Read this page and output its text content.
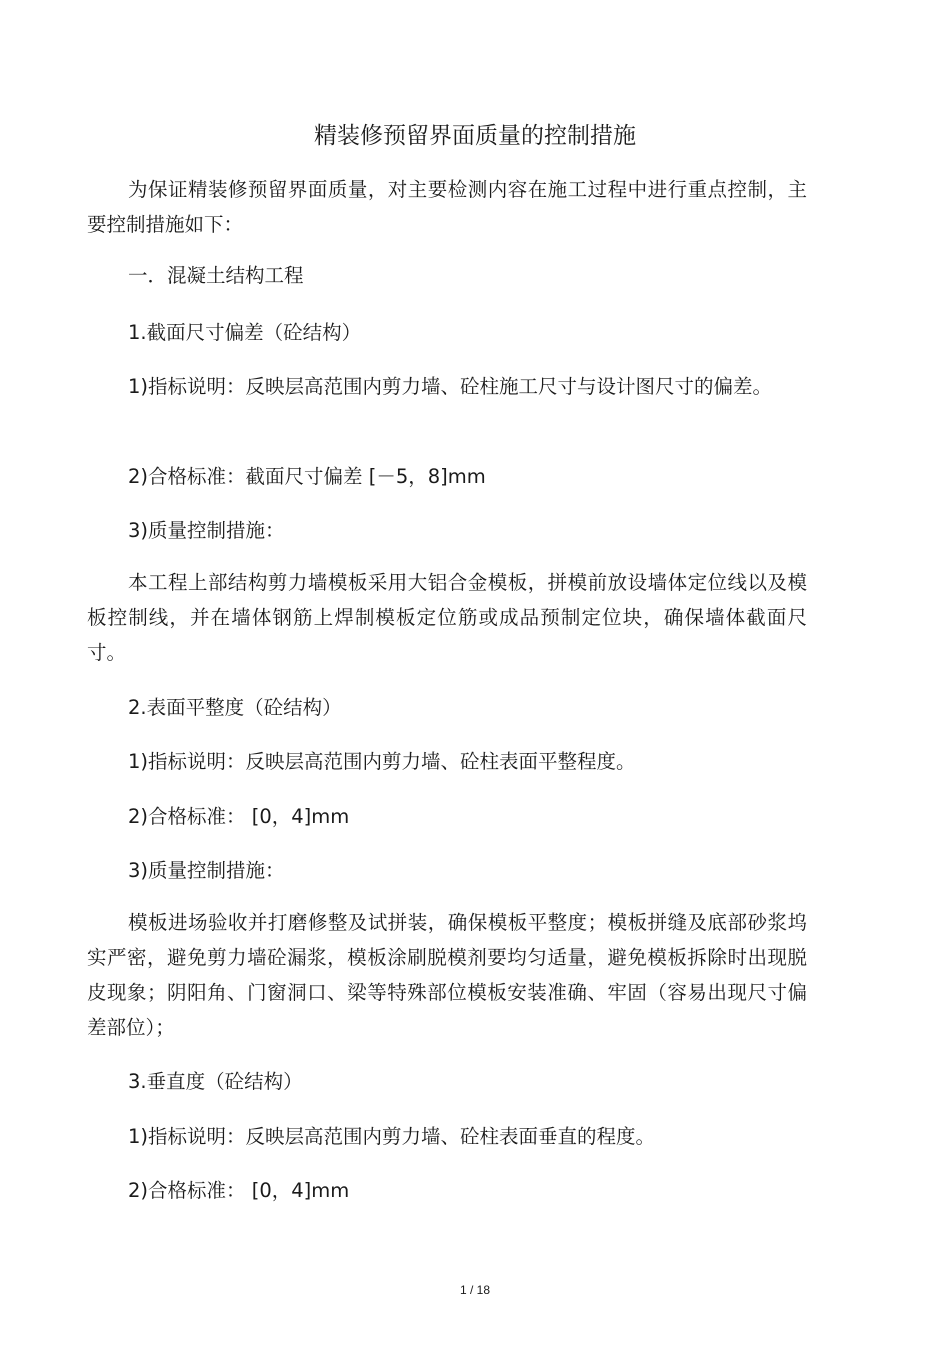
精装修预留界面质量的控制措施

为保证精装修预留界面质量，对主要检测内容在施工过程中进行重点控制，主要控制措施如下：

一．混凝土结构工程

1.截面尺寸偏差（砼结构）

1)指标说明：反映层高范围内剪力墙、砼柱施工尺寸与设计图尺寸的偏差。

2)合格标准：截面尺寸偏差 [－5，8]mm

3)质量控制措施：

本工程上部结构剪力墙模板采用大铝合金模板，拼模前放设墙体定位线以及模板控制线，并在墙体钢筋上焊制模板定位筋或成品预制定位块，确保墙体截面尺寸。

2.表面平整度（砼结构）

1)指标说明：反映层高范围内剪力墙、砼柱表面平整程度。

2)合格标准： [0，4]mm

3)质量控制措施：

模板进场验收并打磨修整及试拼装，确保模板平整度；模板拼缝及底部砂浆坞实严密，避免剪力墙砼漏浆，模板涂刷脱模剂要均匀适量，避免模板拆除时出现脱皮现象；阴阳角、门窗洞口、梁等特殊部位模板安装准确、牢固（容易出现尺寸偏差部位）；

3.垂直度（砼结构）

1)指标说明：反映层高范围内剪力墙、砼柱表面垂直的程度。

2)合格标准： [0，4]mm

1 / 18
